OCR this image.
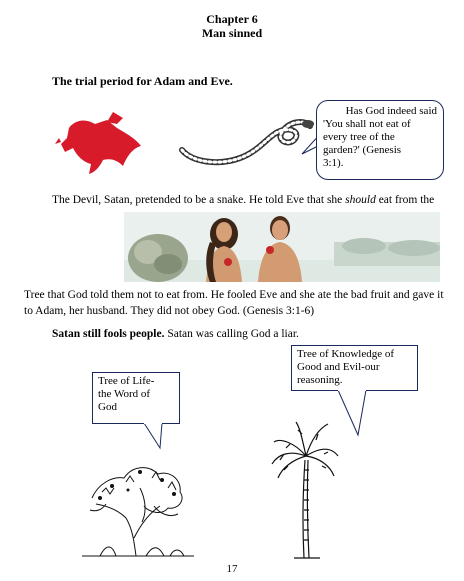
Chapter 6
Man sinned
The trial period for Adam and Eve.
Has God indeed said
'You shall not eat of
every tree of the
garden?' (Genesis
3:1).
The Devil, Satan, pretended to be a snake. He told Eve that she should eat from the
Tree that God told them not to eat from. He fooled Eve and she ate the bad fruit and gave it
to Adam, her husband. They did not obey God. (Genesis 3:1-6)
Satan still fools people. Satan was calling God a liar.
Tree of Knowledge of
Good and Evil-our
reasoning.
Tree of Life-
the Word of
God
17
